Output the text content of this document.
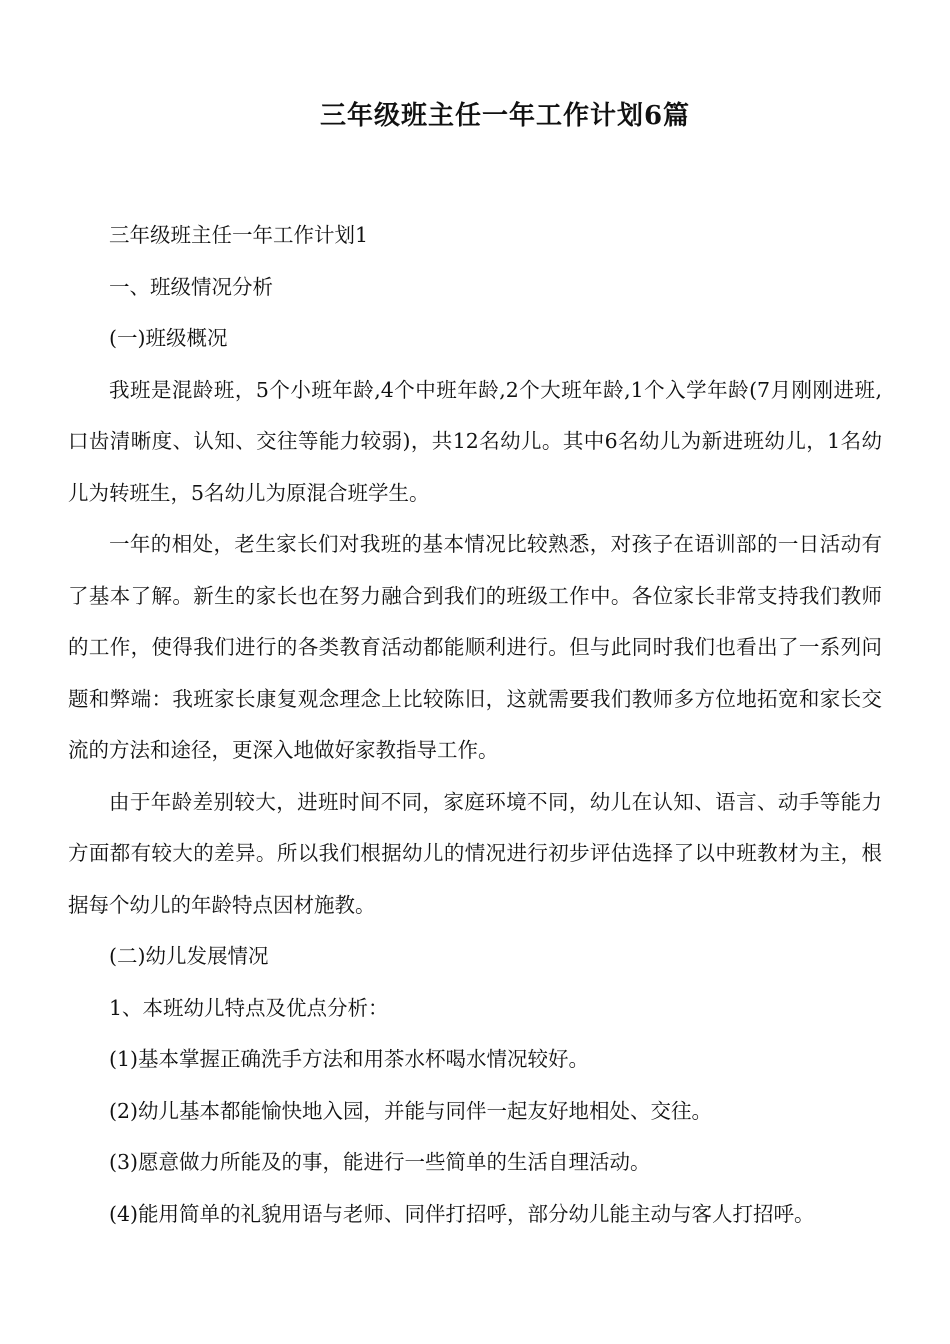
三年级班主任一年工作计划6篇

三年级班主任一年工作计划1

一、班级情况分析

(一)班级概况

我班是混龄班，5个小班年龄,4个中班年龄,2个大班年龄,1个入学年龄(7月刚刚进班,口齿清晰度、认知、交往等能力较弱)，共12名幼儿。其中6名幼儿为新进班幼儿，1名幼儿为转班生，5名幼儿为原混合班学生。

一年的相处，老生家长们对我班的基本情况比较熟悉，对孩子在语训部的一日活动有了基本了解。新生的家长也在努力融合到我们的班级工作中。各位家长非常支持我们教师的工作，使得我们进行的各类教育活动都能顺利进行。但与此同时我们也看出了一系列问题和弊端：我班家长康复观念理念上比较陈旧，这就需要我们教师多方位地拓宽和家长交流的方法和途径，更深入地做好家教指导工作。

由于年龄差别较大，进班时间不同，家庭环境不同，幼儿在认知、语言、动手等能力方面都有较大的差异。所以我们根据幼儿的情况进行初步评估选择了以中班教材为主，根据每个幼儿的年龄特点因材施教。

(二)幼儿发展情况

1、本班幼儿特点及优点分析：

(1)基本掌握正确洗手方法和用茶水杯喝水情况较好。

(2)幼儿基本都能愉快地入园，并能与同伴一起友好地相处、交往。

(3)愿意做力所能及的事，能进行一些简单的生活自理活动。

(4)能用简单的礼貌用语与老师、同伴打招呼，部分幼儿能主动与客人打招呼。
